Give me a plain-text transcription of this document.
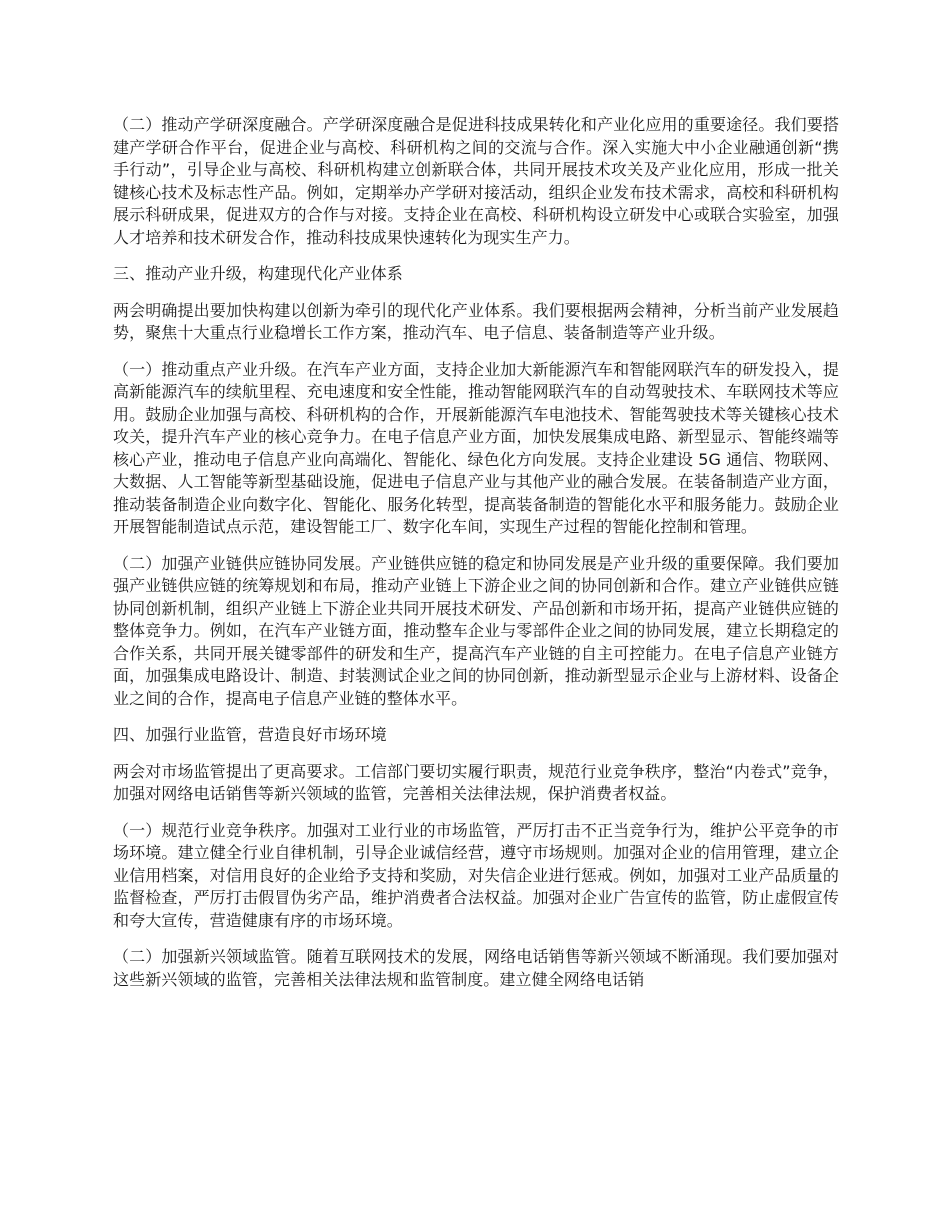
（二）推动产学研深度融合。产学研深度融合是促进科技成果转化和产业化应用的重要途径。我们要搭建产学研合作平台，促进企业与高校、科研机构之间的交流与合作。深入实施大中小企业融通创新“携手行动”，引导企业与高校、科研机构建立创新联合体，共同开展技术攻关及产业化应用，形成一批关键核心技术及标志性产品。例如，定期举办产学研对接活动，组织企业发布技术需求，高校和科研机构展示科研成果，促进双方的合作与对接。支持企业在高校、科研机构设立研发中心或联合实验室，加强人才培养和技术研发合作，推动科技成果快速转化为现实生产力。

三、推动产业升级，构建现代化产业体系

两会明确提出要加快构建以创新为牵引的现代化产业体系。我们要根据两会精神，分析当前产业发展趋势，聚焦十大重点行业稳增长工作方案，推动汽车、电子信息、装备制造等产业升级。

（一）推动重点产业升级。在汽车产业方面，支持企业加大新能源汽车和智能网联汽车的研发投入，提高新能源汽车的续航里程、充电速度和安全性能，推动智能网联汽车的自动驾驶技术、车联网技术等应用。鼓励企业加强与高校、科研机构的合作，开展新能源汽车电池技术、智能驾驶技术等关键核心技术攻关，提升汽车产业的核心竞争力。在电子信息产业方面，加快发展集成电路、新型显示、智能终端等核心产业，推动电子信息产业向高端化、智能化、绿色化方向发展。支持企业建设 5G 通信、物联网、大数据、人工智能等新型基础设施，促进电子信息产业与其他产业的融合发展。在装备制造产业方面，推动装备制造企业向数字化、智能化、服务化转型，提高装备制造的智能化水平和服务能力。鼓励企业开展智能制造试点示范，建设智能工厂、数字化车间，实现生产过程的智能化控制和管理。

（二）加强产业链供应链协同发展。产业链供应链的稳定和协同发展是产业升级的重要保障。我们要加强产业链供应链的统筹规划和布局，推动产业链上下游企业之间的协同创新和合作。建立产业链供应链协同创新机制，组织产业链上下游企业共同开展技术研发、产品创新和市场开拓，提高产业链供应链的整体竞争力。例如，在汽车产业链方面，推动整车企业与零部件企业之间的协同发展，建立长期稳定的合作关系，共同开展关键零部件的研发和生产，提高汽车产业链的自主可控能力。在电子信息产业链方面，加强集成电路设计、制造、封装测试企业之间的协同创新，推动新型显示企业与上游材料、设备企业之间的合作，提高电子信息产业链的整体水平。

四、加强行业监管，营造良好市场环境

两会对市场监管提出了更高要求。工信部门要切实履行职责，规范行业竞争秩序，整治“内卷式”竞争，加强对网络电话销售等新兴领域的监管，完善相关法律法规，保护消费者权益。

（一）规范行业竞争秩序。加强对工业行业的市场监管，严厉打击不正当竞争行为，维护公平竞争的市场环境。建立健全行业自律机制，引导企业诚信经营，遵守市场规则。加强对企业的信用管理，建立企业信用档案，对信用良好的企业给予支持和奖励，对失信企业进行惩戒。例如，加强对工业产品质量的监督检查，严厉打击假冒伪劣产品，维护消费者合法权益。加强对企业广告宣传的监管，防止虚假宣传和夸大宣传，营造健康有序的市场环境。

（二）加强新兴领域监管。随着互联网技术的发展，网络电话销售等新兴领域不断涌现。我们要加强对这些新兴领域的监管，完善相关法律法规和监管制度。建立健全网络电话销
